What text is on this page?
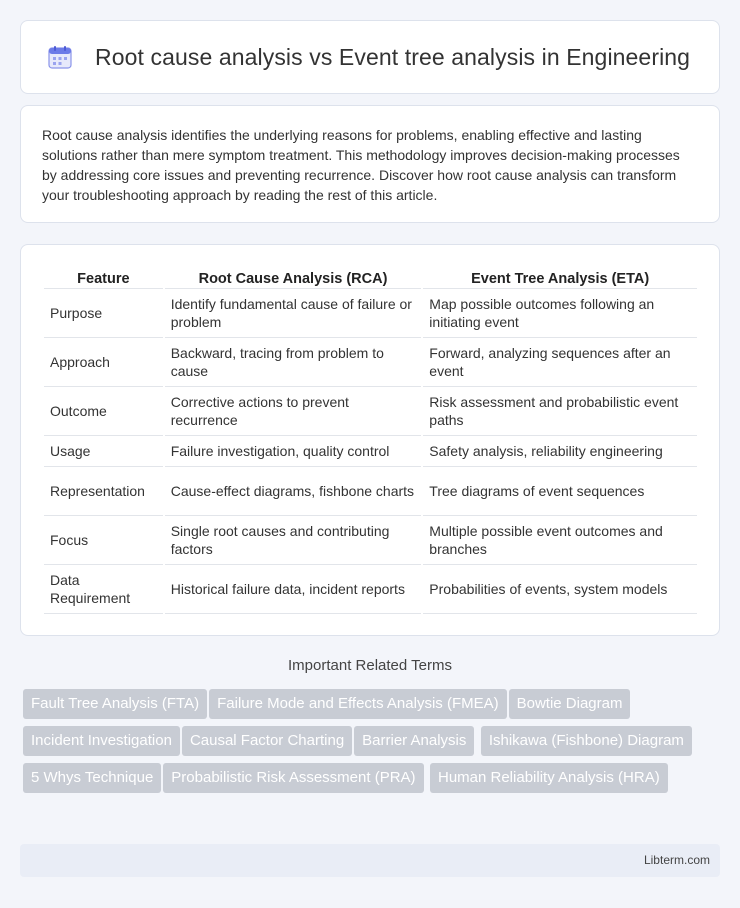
Root cause analysis vs Event tree analysis in Engineering

Root cause analysis identifies the underlying reasons for problems, enabling effective and lasting solutions rather than mere symptom treatment. This methodology improves decision-making processes by addressing core issues and preventing recurrence. Discover how root cause analysis can transform your troubleshooting approach by reading the rest of this article.

Feature	Root Cause Analysis (RCA)	Event Tree Analysis (ETA)
Purpose	Identify fundamental cause of failure or problem	Map possible outcomes following an initiating event
Approach	Backward, tracing from problem to cause	Forward, analyzing sequences after an event
Outcome	Corrective actions to prevent recurrence	Risk assessment and probabilistic event paths
Usage	Failure investigation, quality control	Safety analysis, reliability engineering
Representation	Cause-effect diagrams, fishbone charts	Tree diagrams of event sequences
Focus	Single root causes and contributing factors	Multiple possible event outcomes and branches
Data Requirement	Historical failure data, incident reports	Probabilities of events, system models
Important Related Terms
Fault Tree Analysis (FTA) Failure Mode and Effects Analysis (FMEA) Bowtie Diagram Incident Investigation Causal Factor Charting Barrier Analysis Ishikawa (Fishbone) Diagram5 Whys Technique Probabilistic Risk Assessment (PRA) Human Reliability Analysis (HRA)
Libterm.com
